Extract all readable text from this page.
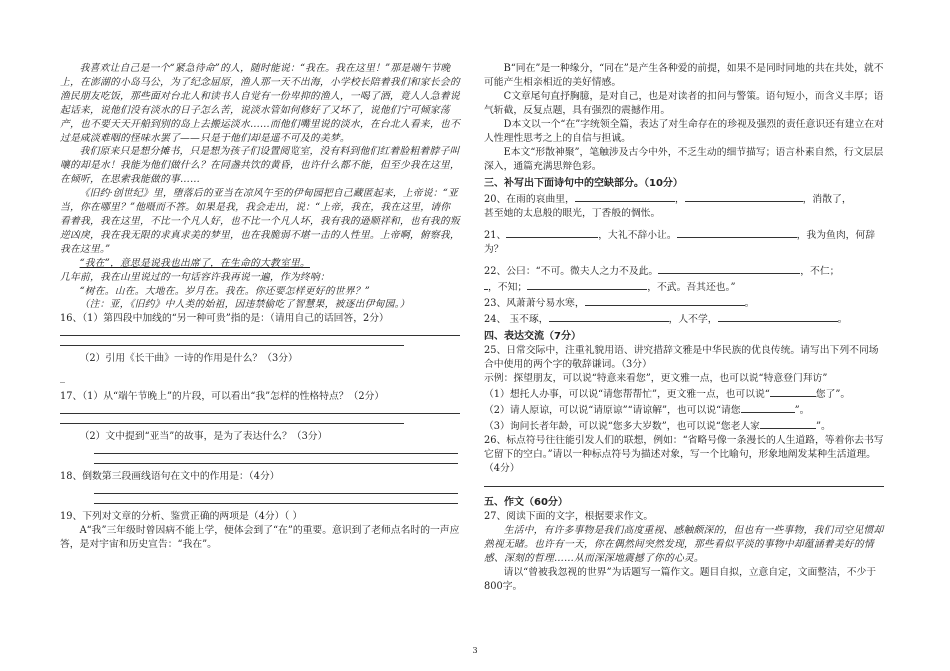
我喜欢让自己是一个“紧急待命”的人，随时能说：“我在。我在这里！”那是端午节晚上，在澎湖的小岛马公，为了纪念屈原，渔人那一天不出海，小学校长陪着我们和家长会的渔民朋友吃饭，那些面对台北人和读书人自觉有一份卑抑的渔人，一喝了酒，竟人人急着说起话来，说他们没有淡水的日子怎么苦，说淡水管如何修好了又坏了，说他们宁可倾家荡产，也不要天天开船到别的岛上去搬运淡水……而他们嘴里说的淡水，在台北人看来，也不过是咸淡难咽的怪味水罢了——只是于他们却是遥不可及的美梦。

我们原来只是想分摊书，只是想为孩子们设置阅览室，没有料到他们红着脸粗着脖子叫嚷的却是水！我能为他们做什么？在同盏共饮的黄昏，也许什么都不能，但至少我在这里，在倾听，在思索我能做的事……

《旧约·创世纪》里，堕落后的亚当在凉风午至的伊甸园把自己藏匿起来，上帝说：“亚当，你在哪里？”他嗫而不答。如果是我，我会走出，说：“上帝，我在，我在这里，请你看着我，我在这里，不比一个凡人好，也不比一个凡人坏，我有我的逊顺祥和，也有我的叛逆凶戾，我在我无限的求真求美的梦里，也在我脆弱不堪一击的人性里。上帝啊，俯察我，我在这里。”

“我在”，意思是说我也出席了，在生命的大教室里。

几年前，我在山里说过的一句话容许我再说一遍，作为终响：

“树在。山在。大地在。岁月在。我在。你还要怎样更好的世界？”

（注：亚，《旧约》中人类的始祖，因违禁偷吃了智慧果，被逐出伊甸园。）

16、（1）第四段中加线的“另一种可贵”指的是：（请用自己的话回答，2分）

（2）引用《长干曲》一诗的作用是什么？（3分）

_

17、（1）从“端午节晚上”的片段，可以看出“我”怎样的性格特点？（2分）

（2）文中提到“亚当”的故事，是为了表达什么？（3分）

18、倒数第三段画线语句在文中的作用是：（4分）

19、下列对文章的分析、鉴赏正确的两项是（4分）（ ）

A“我”三年级时曾因病不能上学，便体会到了“在”的重要。意识到了老师点名时的一声应答，是对宇宙和历史宣告：“我在”。

B“同在”是一种缘分，“同在”是产生各种爱的前提，如果不是同时同地的共在共处，就不可能产生相亲相近的美好情感。

C文章尾句直抒胸臆，是对自己，也是对读者的扣问与警策。语句短小，而含义丰厚；语气斩截，反复点题，具有强烈的震撼作用。

D本文以一个“在”字统领全篇，表达了对生命存在的珍视及强烈的责任意识还有建立在对人性理性思考之上的自信与担诚。

E本文“形散神聚”，笔触涉及古今中外，不乏生动的细节描写；语言朴素自然，行文层层深入，通篇充满思辩色彩。

三、补写出下面诗句中的空缺部分。（10分）

20、在雨的哀曲里，	，	，消散了，

甚至她的太息般的眼光，丁香般的惆怅。

21、	，大礼不辞小让。	，我为鱼肉，何辞为？

22、公曰：“不可。微夫人之力不及此。	，不仁；

，不知；	，不武。吾其还也。”

23、风萧萧兮易水寒，	。

24、 玉不琢，	，人不学，	。

四、表达交流（7分）

25、日常交际中，注重礼貌用语、讲究措辞文雅是中华民族的优良传统。请写出下列不同场合中使用的两个字的敬辞谦词。（3分）

示例：探望朋友，可以说“特意来看您”，更文雅一点，也可以说“特意登门拜访”

（1）想托人办事，可以说“请您帮帮忙”，更文雅一点，也可以说“	您了”。

（2）请人原谅，可以说“请原谅”“请谅解”，也可以说“请您	”。

（3）询问长者年龄，可以说“您多大岁数”，也可以说“您老人家	”。

26、标点符号往往能引发人们的联想，例如：“省略号像一条漫长的人生道路，等着你去书写它留下的空白。”请以一种标点符号为描述对象，写一个比喻句，形象地阐发某种生活道理。（4分）

五、作文（60分）

27、阅读下面的文字，根据要求作文。

生活中，有许多事物是我们高度重视、感触颇深的，但也有一些事物，我们司空见惯却熟视无睹。也许有一天，你在偶然间突然发现，那些看似平淡的事物中却蕴涵着美好的情感、深刻的哲理……从而深深地震撼了你的心灵。

请以“曾被我忽视的世界”为话题写一篇作文。题目自拟，立意自定，文面整洁，不少于800字。

3
